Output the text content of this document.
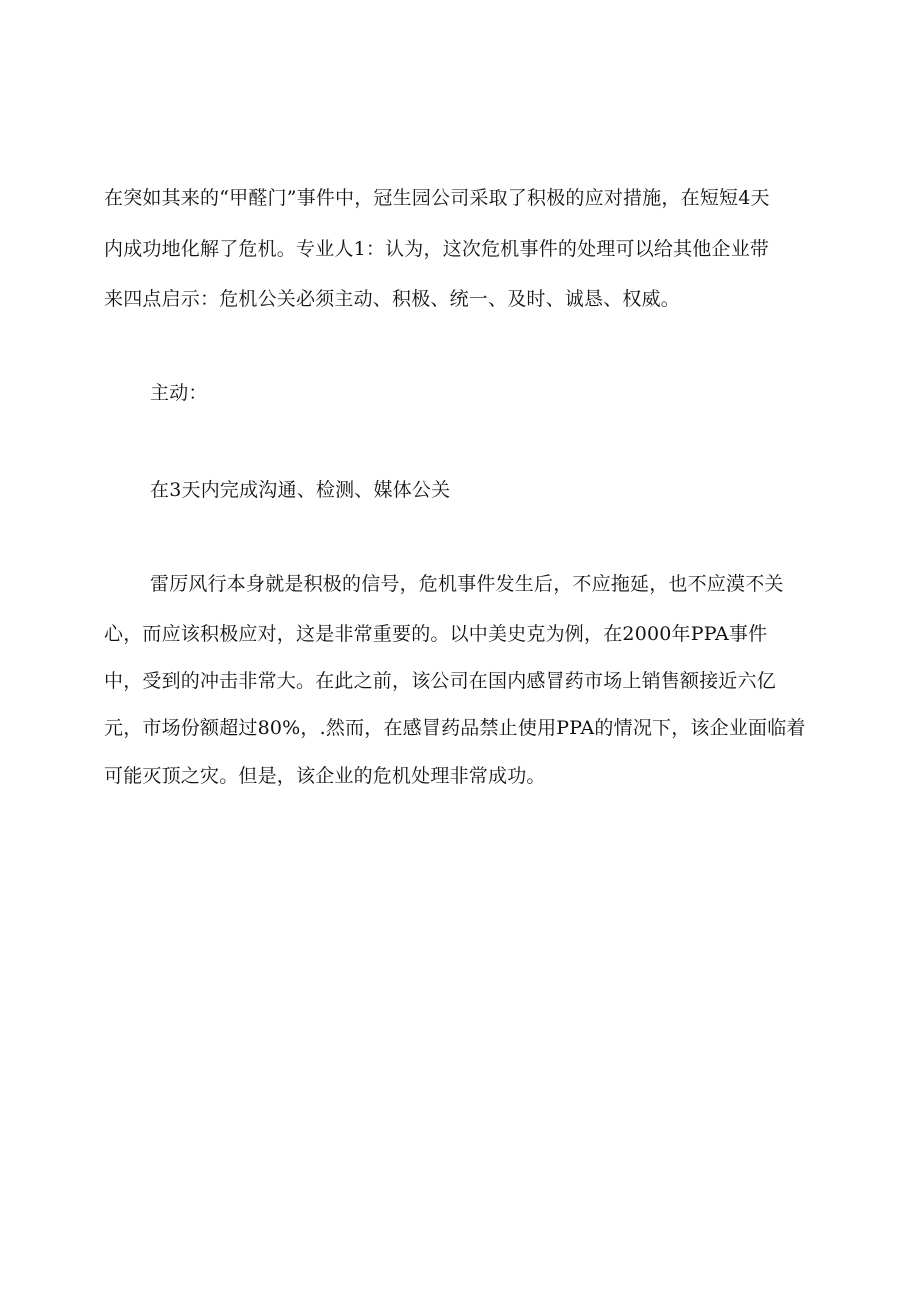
在突如其来的“甲醛门”事件中，冠生园公司采取了积极的应对措施，在短短4天
内成功地化解了危机。专业人1：认为，这次危机事件的处理可以给其他企业带
来四点启示：危机公关必须主动、积极、统一、及时、诚恳、权威。
主动：
在3天内完成沟通、检测、媒体公关
雷厉风行本身就是积极的信号，危机事件发生后，不应拖延，也不应漠不关
心，而应该积极应对，这是非常重要的。以中美史克为例，在2000年PPA事件
中，受到的冲击非常大。在此之前，该公司在国内感冒药市场上销售额接近六亿
元，市场份额超过80%，.然而，在感冒药品禁止使用PPA的情况下，该企业面临着
可能灭顶之灾。但是，该企业的危机处理非常成功。
